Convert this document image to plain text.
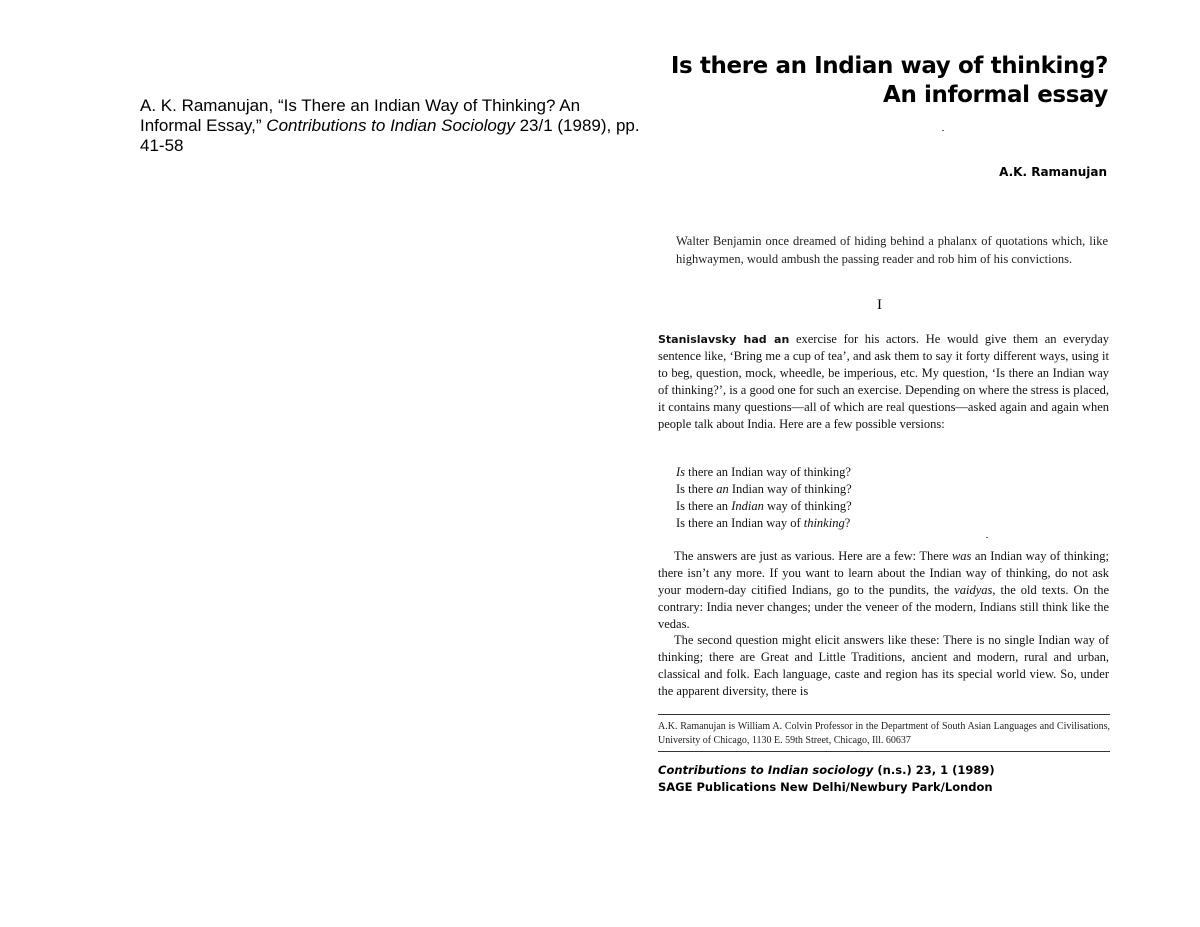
A. K. Ramanujan, “Is There an Indian Way of Thinking? An Informal Essay,” Contributions to Indian Sociology 23/1 (1989), pp. 41-58
Is there an Indian way of thinking?
An informal essay
A.K. Ramanujan
Walter Benjamin once dreamed of hiding behind a phalanx of quotations which, like highwaymen, would ambush the passing reader and rob him of his convictions.
I
Stanislavsky had an exercise for his actors. He would give them an everyday sentence like, ‘Bring me a cup of tea’, and ask them to say it forty different ways, using it to beg, question, mock, wheedle, be imperious, etc. My question, ‘Is there an Indian way of thinking?’, is a good one for such an exercise. Depending on where the stress is placed, it contains many questions—all of which are real questions—asked again and again when people talk about India. Here are a few possible versions:
Is there an Indian way of thinking?
Is there an Indian way of thinking?
Is there an Indian way of thinking?
Is there an Indian way of thinking?
The answers are just as various. Here are a few: There was an Indian way of thinking; there isn’t any more. If you want to learn about the Indian way of thinking, do not ask your modern-day citified Indians, go to the pundits, the vaidyas, the old texts. On the contrary: India never changes; under the veneer of the modern, Indians still think like the vedas.
The second question might elicit answers like these: There is no single Indian way of thinking; there are Great and Little Traditions, ancient and modern, rural and urban, classical and folk. Each language, caste and region has its special world view. So, under the apparent diversity, there is
A.K. Ramanujan is William A. Colvin Professor in the Department of South Asian Languages and Civilisations, University of Chicago, 1130 E. 59th Street, Chicago, Ill. 60637
Contributions to Indian sociology (n.s.) 23, 1 (1989)
SAGE Publications New Delhi/Newbury Park/London
